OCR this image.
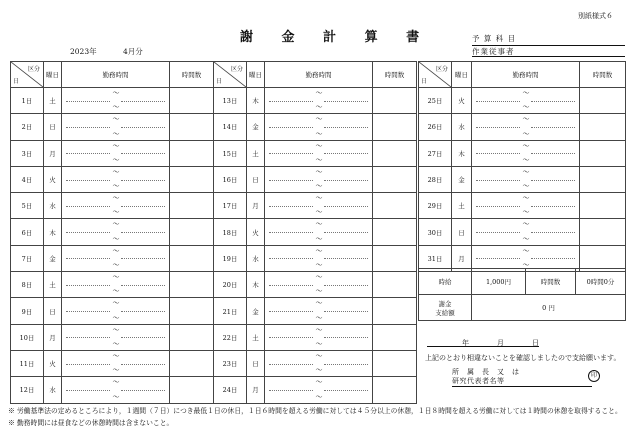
別紙様式６
謝 金 計 算 書
2023年	4月分
予 算 科 目
作業従事者
区分
日	曜日	勤務時間	時間数
1日	土	～
～	

2日	日	～
～	

3日	月	～
～	

4日	火	～
～	

5日	水	～
～	

6日	木	～
～	

7日	金	～
～	

8日	土	～
～	

9日	日	～
～	

10日	月	～
～	

11日	火	～
～	

12日	水	～
～	

区分
日	曜日	勤務時間	時間数
13日	木	～
～	

14日	金	～
～	

15日	土	～
～	

16日	日	～
～	

17日	月	～
～	

18日	火	～
～	

19日	水	～
～	

20日	木	～
～	

21日	金	～
～	

22日	土	～
～	

23日	日	～
～	

24日	月	～
～	

区分
日	曜日	勤務時間	時間数
25日	火	～
～	

26日	水	～
～	

27日	木	～
～	

28日	金	～
～	

29日	土	～
～	

30日	日	～
～	

31日	月	～
～	

時給	1,000円	時間数	0時間0分
謝金
支給額	0 円		
　　　　　年　　　　月　　　　日
上記のとおり相違ないことを確認しましたので支給願います。
所　属　長　又　は
研究代表者名等
印
※ 労働基準法の定めるところにより，１週間（７日）につき最低１日の休日，１日６時間を超える労働に対しては４５分以上の休憩，１日８時間を超える労働に対しては１時間の休憩を取得すること。
※ 勤務時間には昼食などの休憩時間は含まないこと。
